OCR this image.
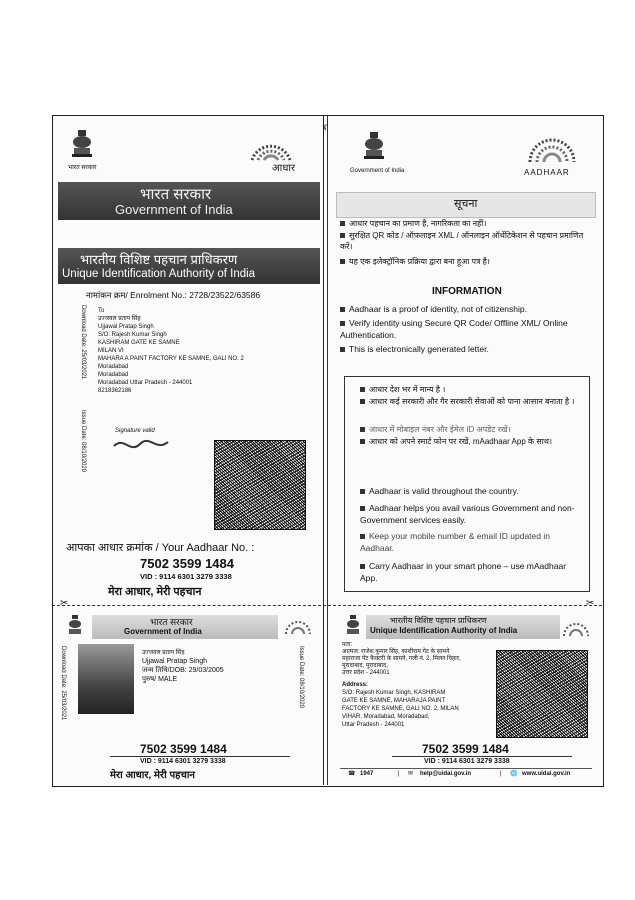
✂	✂
✂
भारत सरकार	आधार
भारत सरकार
Government of India
भारतीय विशिष्ट पहचान प्राधिकरण
Unique Identification Authority of India
नामांकन क्रम/ Enrolment No.: 2728/23522/63586
Download Date: 25/03/2021
Issue Date: 08/10/2020
To
उज्जवल प्रताप सिंह
Ujjawal Pratap Singh
S/O: Rajesh Kumar Singh
KASHIRAM GATE KE SAMNE
MILAN VI
MAHARA A PAINT FACTORY KE SAMNE, GALI NO. 2
Moradabad
Moradabad
Moradabad Uttar Pradesh - 244001
8218362186
Signature valid
आपका आधार क्रमांक / Your Aadhaar No. :
7502 3599 1484
VID : 9114 6301 3279 3338
मेरा आधार, मेरी पहचान
Government of India	AADHAAR
सूचना
आधार पहचान का प्रमाण है, नागरिकता का नहीं।
सुरक्षित QR कोड / ऑफलाइन XML / ऑनलाइन ऑथेंटिकेशन से पहचान प्रमाणित करें।
यह एक इलेक्ट्रॉनिक प्रक्रिया द्वारा बना हुआ पत्र है।
INFORMATION
Aadhaar is a proof of identity, not of citizenship.
Verify identity using Secure QR Code/ Offline XML/ Online Authentication.
This is electronically generated letter.
आधार देश भर में मान्य है ।
आधार कई सरकारी और गैर सरकारी सेवाओं को पाना आसान बनाता है ।
आधार में मोबाइल नंबर और ईमेल ID अपडेट रखें।
आधार को अपने स्मार्ट फोन पर रखें, mAadhaar App के साथ।
Aadhaar is valid throughout the country.
Aadhaar helps you avail various Government and non-Government services easily.
Keep your mobile number & email ID updated in Aadhaar.
Carry Aadhaar in your smart phone – use mAadhaar App.
भारत सरकार
Government of India
Download Date: 25/03/2021	Issue Date: 08/10/2020
उज्जवल प्रताप सिंह
Ujjawal Pratap Singh
जन्म तिथि/DOB: 29/03/2005
पुरुष/ MALE
7502 3599 1484
VID : 9114 6301 3279 3338
मेरा आधार, मेरी पहचान
भारतीय विशिष्ट पहचान प्राधिकरण
Unique Identification Authority of India
पता:
आत्मज: राजेश कुमार सिंह, काशीराम गेट के सामने
महाराजा पेंट फैक्टरी के सामने, गली नं. 2, मिलन विहार,
मुरादाबाद, मुरादाबाद,
उत्तर प्रदेश - 244001
Address:
S/O: Rajesh Kumar Singh, KASHIRAM
GATE KE SAMNE, MAHARAJA PAINT
FACTORY KE SAMNE, GALI NO. 2, MILAN
VIHAR, Moradabad, Moradabad,
Uttar Pradesh - 244001
7502 3599 1484
VID : 9114 6301 3279 3338
☎ 1947	| ✉ help@uidai.gov.in	| 🌐 www.uidai.gov.in
